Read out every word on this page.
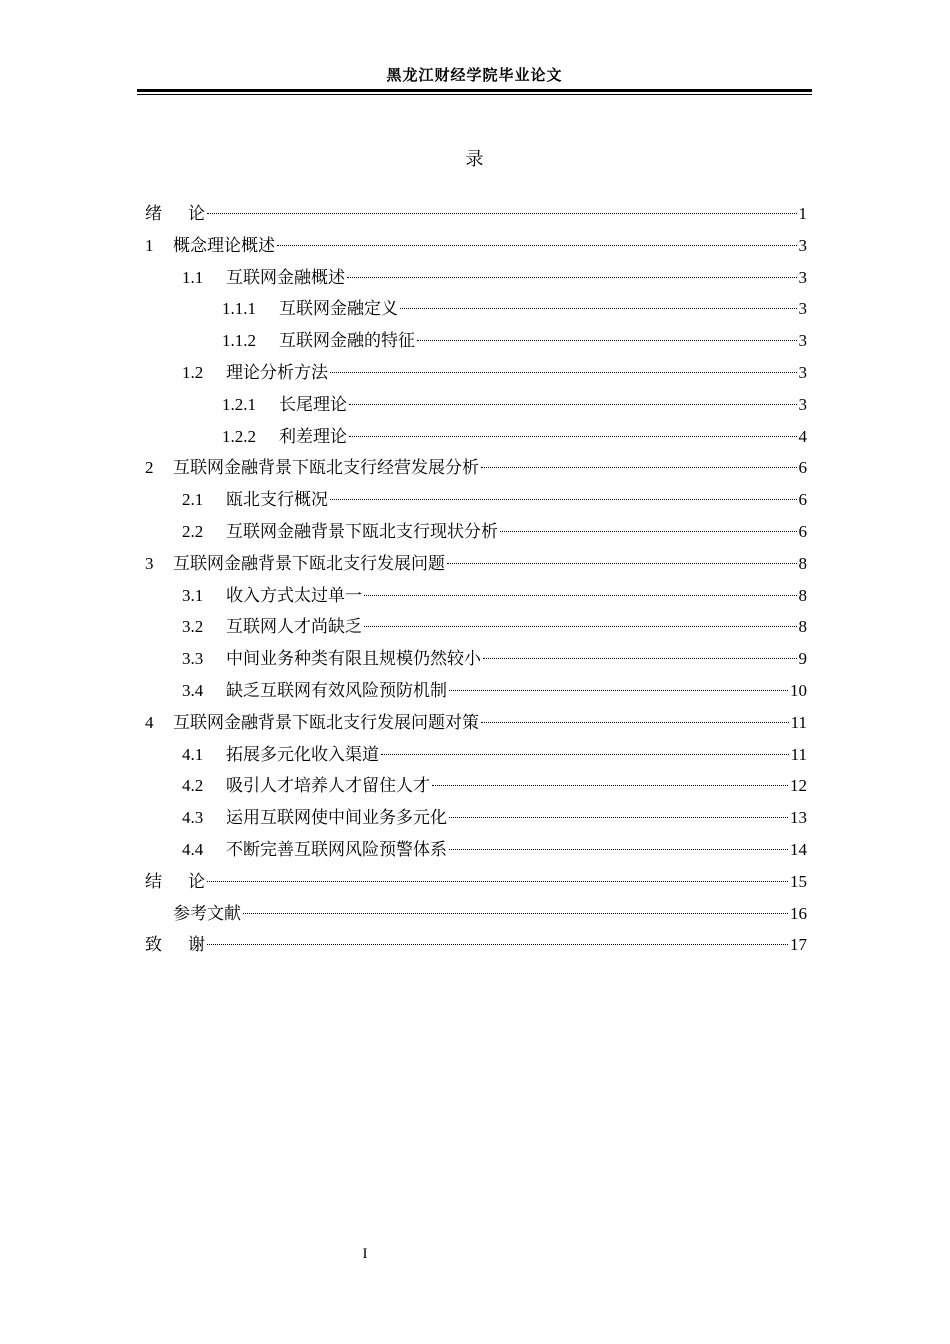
黑龙江财经学院毕业论文
录
绪论	1
1	概念理论概述	3
1.1	互联网金融概述	3
1.1.1	互联网金融定义	3
1.1.2	互联网金融的特征	3
1.2	理论分析方法	3
1.2.1	长尾理论	3
1.2.2	利差理论	4
2	互联网金融背景下瓯北支行经营发展分析	6
2.1	瓯北支行概况	6
2.2	互联网金融背景下瓯北支行现状分析	6
3	互联网金融背景下瓯北支行发展问题	8
3.1	收入方式太过单一	8
3.2	互联网人才尚缺乏	8
3.3	中间业务种类有限且规模仍然较小	9
3.4	缺乏互联网有效风险预防机制	10
4	互联网金融背景下瓯北支行发展问题对策	11
4.1	拓展多元化收入渠道	11
4.2	吸引人才培养人才留住人才	12
4.3	运用互联网使中间业务多元化	13
4.4	不断完善互联网风险预警体系	14
结论	15
参考文献	16
致谢	17
I
